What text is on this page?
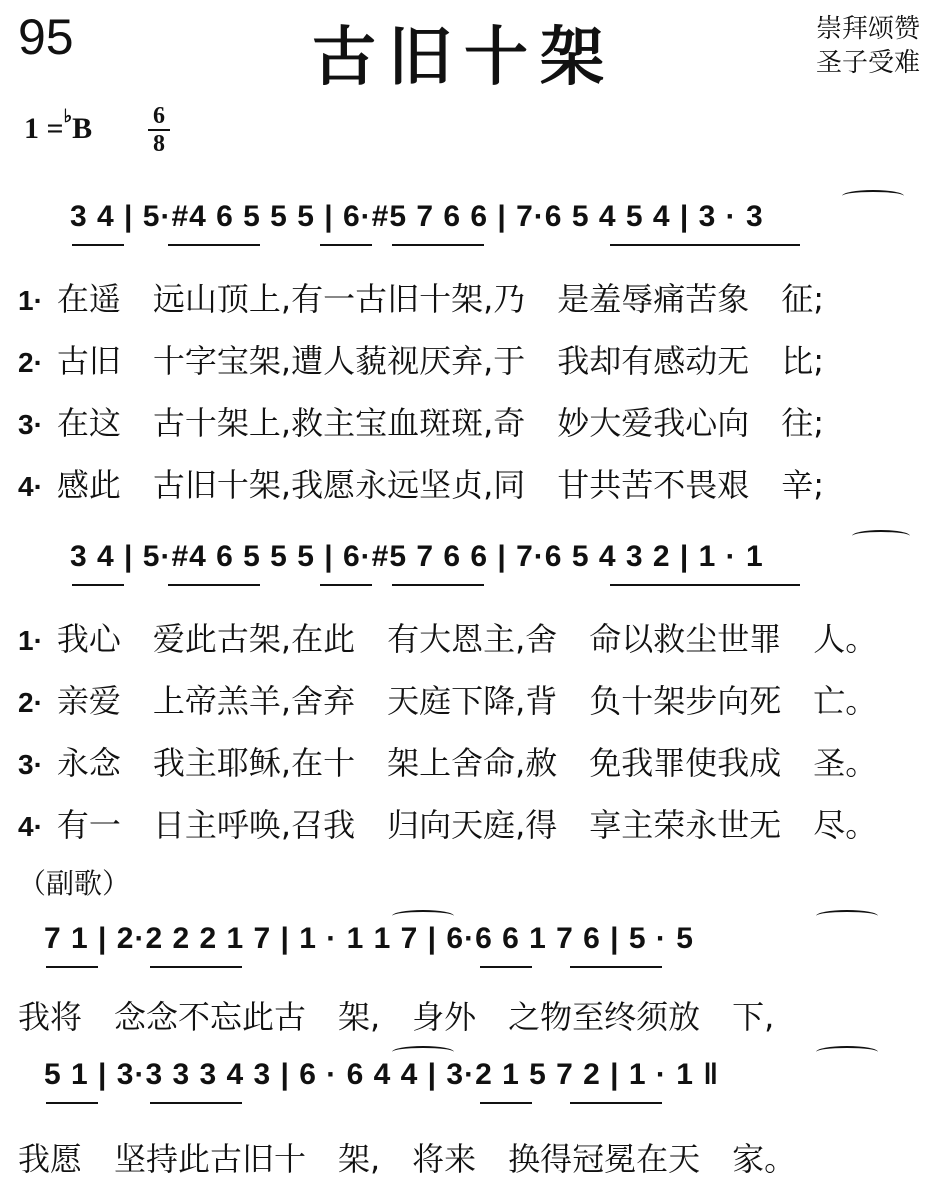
95	古旧十架	崇拜颂赞
圣子受难
1 =♭B	6
8
3 4 | 5·#4 6 5 5 5 | 6·#5 7 6 6 | 7·6 5 4 5 4 | 3 · 3
1· 在遥　远山顶上,有一古旧十架,乃　是羞辱痛苦象　征;
2· 古旧　十字宝架,遭人藐视厌弃,于　我却有感动无　比;
3· 在这　古十架上,救主宝血斑斑,奇　妙大爱我心向　往;
4· 感此　古旧十架,我愿永远坚贞,同　甘共苦不畏艰　辛;
3 4 | 5·#4 6 5 5 5 | 6·#5 7 6 6 | 7·6 5 4 3 2 | 1 · 1
1· 我心　爱此古架,在此　有大恩主,舍　命以救尘世罪　人。
2· 亲爱　上帝羔羊,舍弃　天庭下降,背　负十架步向死　亡。
3· 永念　我主耶稣,在十　架上舍命,赦　免我罪使我成　圣。
4· 有一　日主呼唤,召我　归向天庭,得　享主荣永世无　尽。
（副歌）
7 1 | 2·2 2 2 1 7 | 1 · 1 1 7 | 6·6 6 1 7 6 | 5 · 5
我将　念念不忘此古　架,　身外　之物至终须放　下,
5 1 | 3·3 3 3 4 3 | 6 · 6 4 4 | 3·2 1 5 7 2 | 1 · 1 ‖
我愿　坚持此古旧十　架,　将来　换得冠冕在天　家。
